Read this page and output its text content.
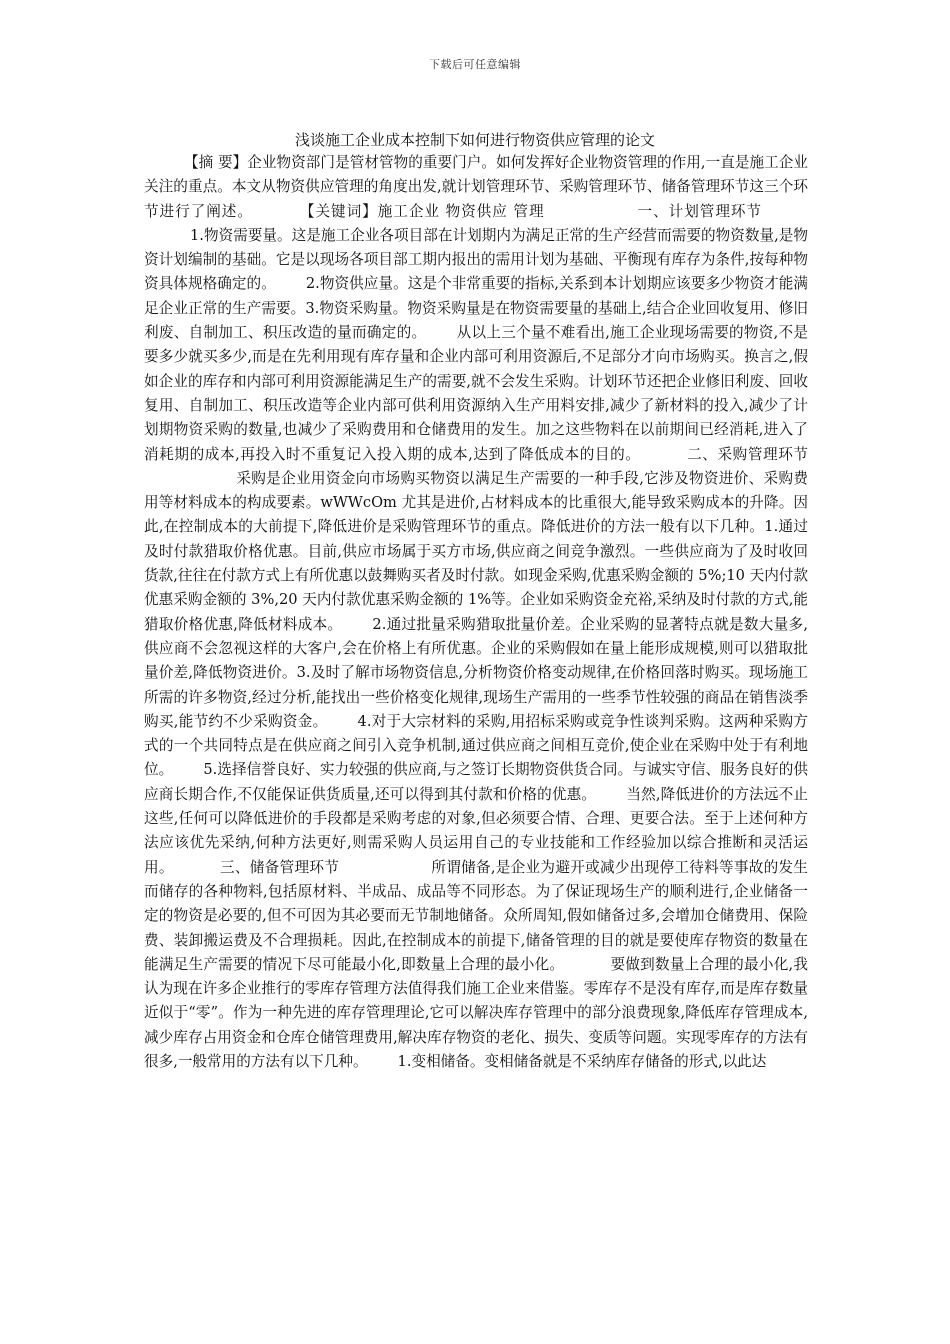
下载后可任意编辑
浅谈施工企业成本控制下如何进行物资供应管理的论文
【摘 要】企业物资部门是管材管物的重要门户。如何发挥好企业物资管理的作用,一直是施工企业关注的重点。本文从物资供应管理的角度出发,就计划管理环节、采购管理环节、储备管理环节这三个环节进行了阐述。	【关键词】施工企业 物资供应 管理	一、计划管理环节1.物资需要量。这是施工企业各项目部在计划期内为满足正常的生产经营而需要的物资数量,是物资计划编制的基础。它是以现场各项目部工期内报出的需用计划为基础、平衡现有库存为条件,按每种物资具体规格确定的。 2.物资供应量。这是个非常重要的指标,关系到本计划期应该要多少物资才能满足企业正常的生产需要。3.物资采购量。物资采购量是在物资需要量的基础上,结合企业回收复用、修旧利废、自制加工、积压改造的量而确定的。 从以上三个量不难看出,施工企业现场需要的物资,不是要多少就买多少,而是在先利用现有库存量和企业内部可利用资源后,不足部分才向市场购买。换言之,假如企业的库存和内部可利用资源能满足生产的需要,就不会发生采购。计划环节还把企业修旧利废、回收复用、自制加工、积压改造等企业内部可供利用资源纳入生产用料安排,减少了新材料的投入,减少了计划期物资采购的数量,也减少了采购费用和仓储费用的发生。加之这些物料在以前期间已经消耗,进入了消耗期的成本,再投入时不重复记入投入期的成本,达到了降低成本的目的。	二、采购管理环节采购是企业用资金向市场购买物资以满足生产需要的一种手段,它涉及物资进价、采购费用等材料成本的构成要素。wWWcOm 尤其是进价,占材料成本的比重很大,能导致采购成本的升降。因此,在控制成本的大前提下,降低进价是采购管理环节的重点。降低进价的方法一般有以下几种。1.通过及时付款猎取价格优惠。目前,供应市场属于买方市场,供应商之间竞争激烈。一些供应商为了及时收回货款,往往在付款方式上有所优惠以鼓舞购买者及时付款。如现金采购,优惠采购金额的 5%;10 天内付款优惠采购金额的 3%,20 天内付款优惠采购金额的 1%等。企业如采购资金充裕,采纳及时付款的方式,能猎取价格优惠,降低材料成本。 2.通过批量采购猎取批量价差。企业采购的显著特点就是数大量多,供应商不会忽视这样的大客户,会在价格上有所优惠。企业的采购假如在量上能形成规模,则可以猎取批量价差,降低物资进价。3.及时了解市场物资信息,分析物资价格变动规律,在价格回落时购买。现场施工所需的许多物资,经过分析,能找出一些价格变化规律,现场生产需用的一些季节性较强的商品在销售淡季购买,能节约不少采购资金。 4.对于大宗材料的采购,用招标采购或竞争性谈判采购。这两种采购方式的一个共同特点是在供应商之间引入竞争机制,通过供应商之间相互竞价,使企业在采购中处于有利地位。 5.选择信誉良好、实力较强的供应商,与之签订长期物资供货合同。与诚实守信、服务良好的供应商长期合作,不仅能保证供货质量,还可以得到其付款和价格的优惠。 当然,降低进价的方法远不止这些,任何可以降低进价的手段都是采购考虑的对象,但必须要合情、合理、更要合法。至于上述何种方法应该优先采纳,何种方法更好,则需采购人员运用自己的专业技能和工作经验加以综合推断和灵活运用。	三、储备管理环节	所谓储备,是企业为避开或减少出现停工待料等事故的发生而储存的各种物料,包括原材料、半成品、成品等不同形态。为了保证现场生产的顺利进行,企业储备一定的物资是必要的,但不可因为其必要而无节制地储备。众所周知,假如储备过多,会增加仓储费用、保险费、装卸搬运费及不合理损耗。因此,在控制成本的前提下,储备管理的目的就是要使库存物资的数量在能满足生产需要的情况下尽可能最小化,即数量上合理的最小化。	要做到数量上合理的最小化,我认为现在许多企业推行的零库存管理方法值得我们施工企业来借鉴。零库存不是没有库存,而是库存数量近似于“零”。作为一种先进的库存管理理论,它可以解决库存管理中的部分浪费现象,降低库存管理成本,减少库存占用资金和仓库仓储管理费用,解决库存物资的老化、损失、变质等问题。实现零库存的方法有很多,一般常用的方法有以下几种。 1.变相储备。变相储备就是不采纳库存储备的形式,以此达
